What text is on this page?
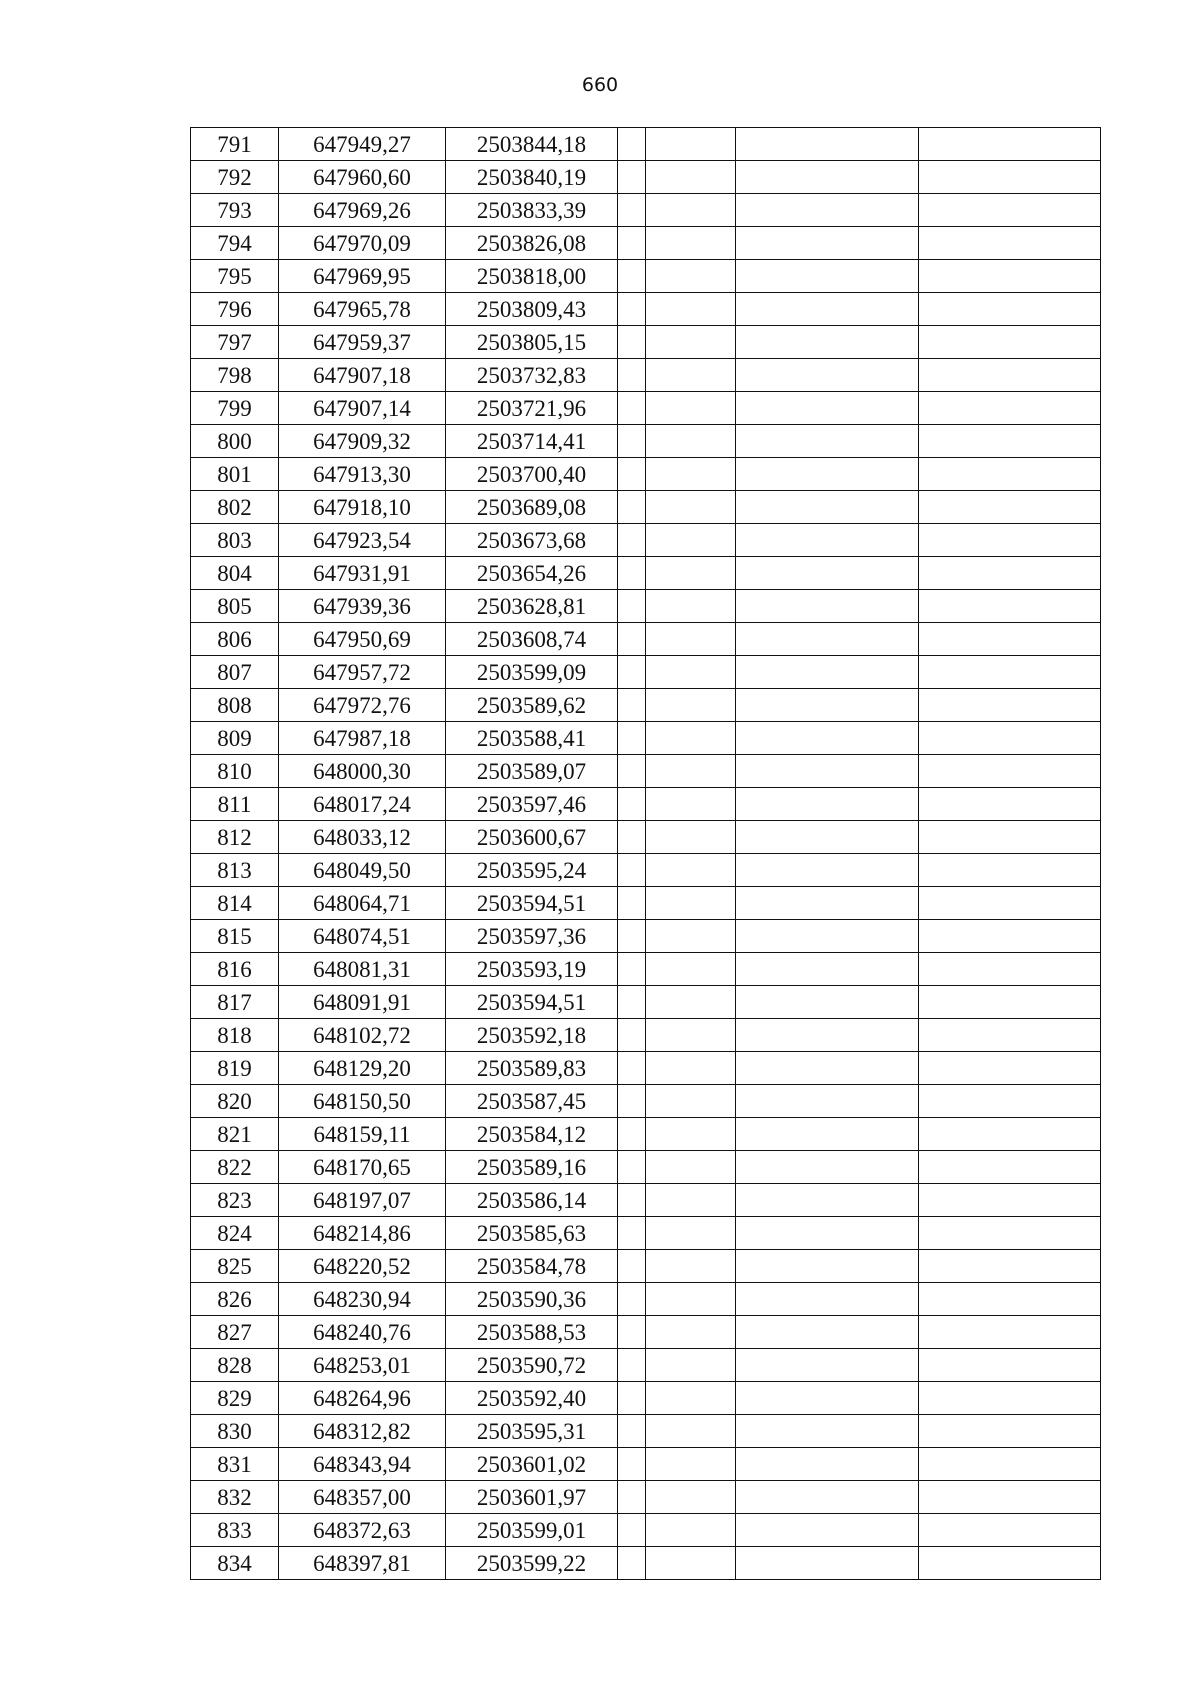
660
791	647949,27	2503844,18				
792	647960,60	2503840,19				
793	647969,26	2503833,39				
794	647970,09	2503826,08				
795	647969,95	2503818,00				
796	647965,78	2503809,43				
797	647959,37	2503805,15				
798	647907,18	2503732,83				
799	647907,14	2503721,96				
800	647909,32	2503714,41				
801	647913,30	2503700,40				
802	647918,10	2503689,08				
803	647923,54	2503673,68				
804	647931,91	2503654,26				
805	647939,36	2503628,81				
806	647950,69	2503608,74				
807	647957,72	2503599,09				
808	647972,76	2503589,62				
809	647987,18	2503588,41				
810	648000,30	2503589,07				
811	648017,24	2503597,46				
812	648033,12	2503600,67				
813	648049,50	2503595,24				
814	648064,71	2503594,51				
815	648074,51	2503597,36				
816	648081,31	2503593,19				
817	648091,91	2503594,51				
818	648102,72	2503592,18				
819	648129,20	2503589,83				
820	648150,50	2503587,45				
821	648159,11	2503584,12				
822	648170,65	2503589,16				
823	648197,07	2503586,14				
824	648214,86	2503585,63				
825	648220,52	2503584,78				
826	648230,94	2503590,36				
827	648240,76	2503588,53				
828	648253,01	2503590,72				
829	648264,96	2503592,40				
830	648312,82	2503595,31				
831	648343,94	2503601,02				
832	648357,00	2503601,97				
833	648372,63	2503599,01				
834	648397,81	2503599,22				
